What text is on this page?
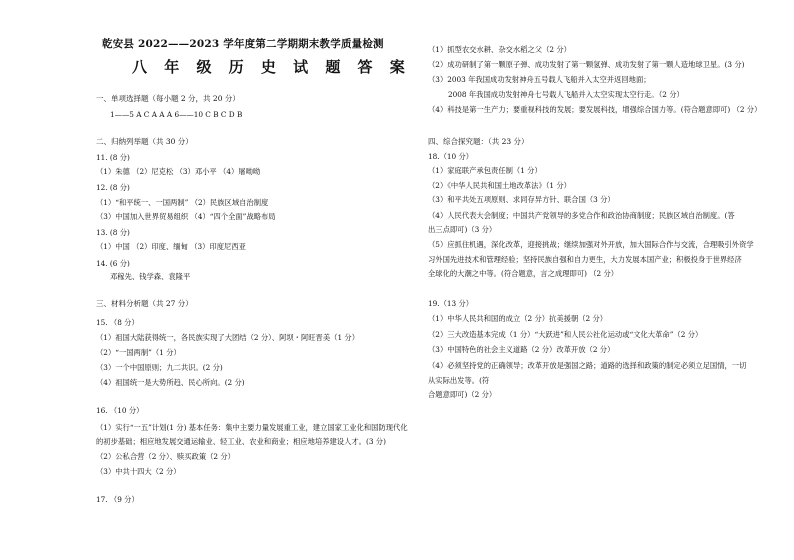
乾安县 2022——2023 学年度第二学期期末教学质量检测
八 年 级 历 史 试 题 答 案
一、单项选择题（每小题 2 分，共 20 分）
1——5 A C A A A 6——10 C B C D B
二、归纳列举题（共 30 分）
11. (8 分)
（1）朱德 （2）尼克松 （3）邓小平 （4）屠呦呦
12. (8 分)
（1）“和平统一、一国两制” （2）民族区域自治制度
（3）中国加入世界贸易组织 （4）“四个全面”战略布局
13. (8 分)
（1）中国 （2）印度、缅甸 （3）印度尼西亚
14. (6 分)
邓稼先、钱学森、袁隆平
三、材料分析题（共 27 分）
15. （8 分）
（1）祖国大陆获得统一，各民族实现了大团结（2 分）、阿坝・阿旺晋美（1 分）
（2）“一国两制”（1 分）
（3）一个中国原则；九二共识。(2 分)
（4）祖国统一是大势所趋、民心所向。(2 分)
16. （10 分）
（1）实行“一五”计划(1 分) 基本任务：集中主要力量发展重工业，建立国家工业化和国防现代化
的初步基础；相应地发展交通运输业、轻工业、农业和商业；相应地培养建设人才。(3 分)
（2）公私合营（2 分）、赎买政策（2 分）
（3）中共十四大（2 分）
17. （9 分）
（1）抓型农交水耕、杂交水稻之父（2 分）
（2）成功研制了第一颗原子弹、成功发射了第一颗氢弹、成功发射了第一颗人造地球卫星。(3 分)
（3）2003 年我国成功发射神舟五号载人飞船并入太空并返回地面；
2008 年我国成功发射神舟七号载人飞船并入太空实现太空行走。（2 分）
（4）科技是第一生产力；要重视科技的发展；要发展科技，增强综合国力等。(符合题意即可) （2 分）
四、综合探究题：（共 23 分）
18.（10 分）
（1）家庭联产承包责任制（1 分）
（2）《中华人民共和国土地改革法》（1 分）
（3）和平共处五项原则、求同存异方针、联合国（3 分）
（4）人民代表大会制度；中国共产党领导的多党合作和政治协商制度；民族区域自治制度。(答
出三点即可)（3 分）
（5）应抓住机遇，深化改革，迎接挑战；继续加强对外开放，加大国际合作与交流，合理吸引外资学
习外国先进技术和管理经验；坚持民族自强和自力更生，大力发展本国产业；积极投身于世界经济
全球化的大潮之中等。(符合题意，言之成理即可) （2 分）
19.（13 分）
（1）中华人民共和国的成立（2 分）抗美援朝（2 分）
（2）三大改造基本完成（1 分）“大跃进”和人民公社化运动或“文化大革命”（2 分）
（3）中国特色的社会主义道路（2 分）改革开放（2 分）
（4）必须坚持党的正确领导；改革开放是强国之路；道路的选择和政策的制定必须立足国情，一切
从实际出发等。(符
合题意即可)（2 分）
